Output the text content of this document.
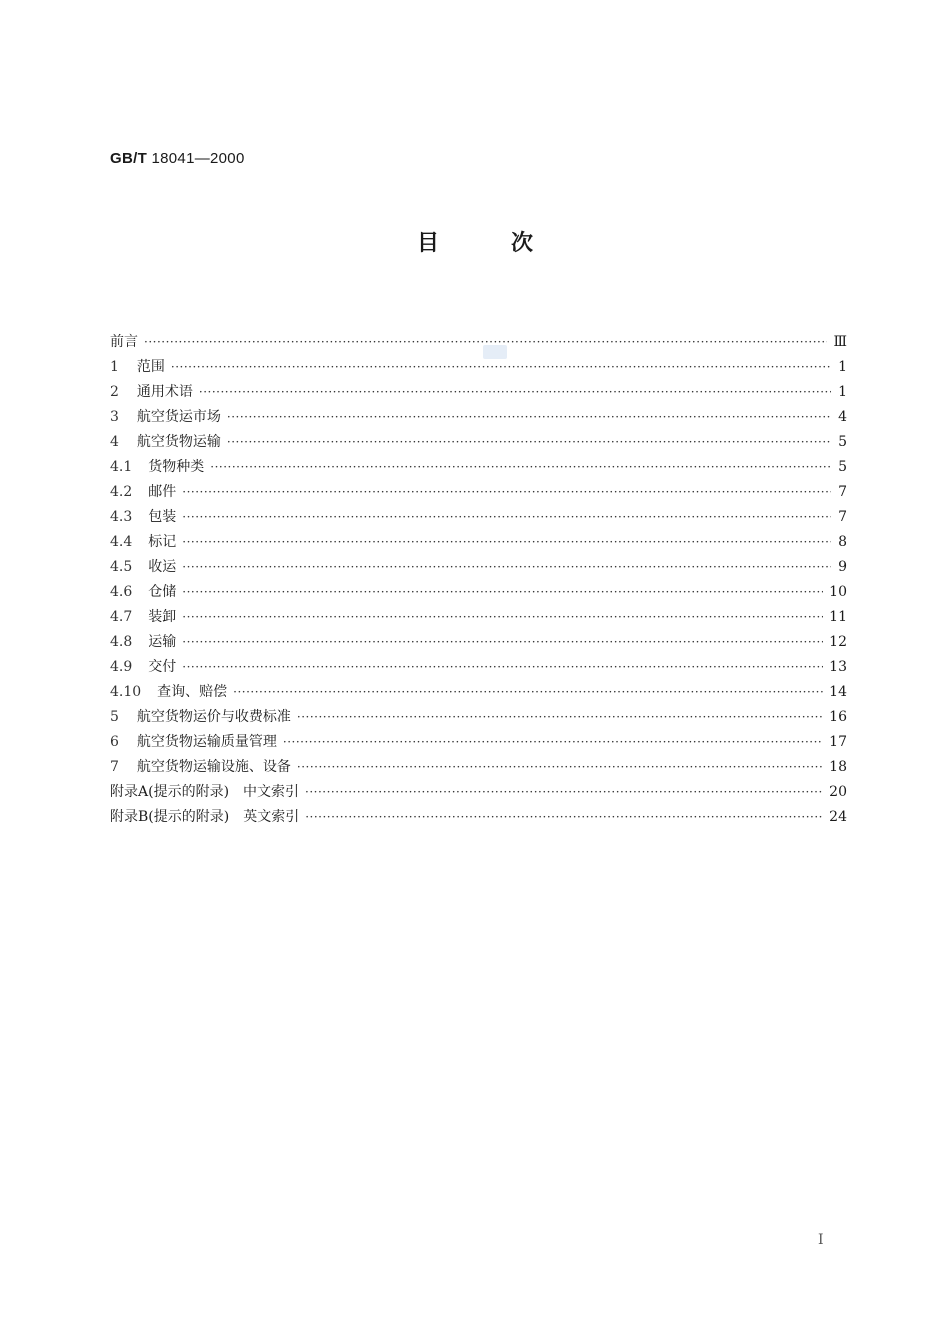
GB/T 18041—2000
目次
前言 ·····	Ⅲ
1 范围 ·····	1
2 通用术语 ·····	1
3 航空货运市场 ·····	4
4 航空货物运输 ·····	5
4.1 货物种类 ·····	5
4.2 邮件 ·····	7
4.3 包装 ·····	7
4.4 标记 ·····	8
4.5 收运 ·····	9
4.6 仓储 ·····	10
4.7 装卸 ·····	11
4.8 运输 ·····	12
4.9 交付 ·····	13
4.10 查询、赔偿 ·····	14
5 航空货物运价与收费标准 ·····	16
6 航空货物运输质量管理 ·····	17
7 航空货物运输设施、设备 ·····	18
附录A(提示的附录)　中文索引 ·····	20
附录B(提示的附录)　英文索引 ·····	24
Ⅰ
